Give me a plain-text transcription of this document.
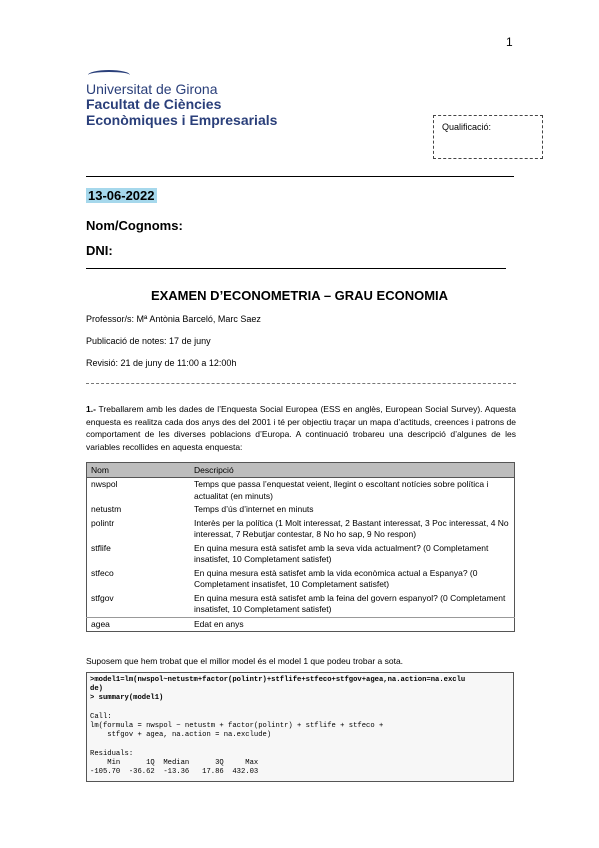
1
Universitat de Girona
Facultat de Ciències
Econòmiques i Empresarials	Qualificació:
13-06-2022
Nom/Cognoms:
DNI:
EXAMEN D’ECONOMETRIA – GRAU ECONOMIA
Professor/s: Mª Antònia Barceló, Marc Saez
Publicació de notes: 17 de juny
Revisió: 21 de juny de 11:00 a 12:00h
1.- Treballarem amb les dades de l’Enquesta Social Europea (ESS en anglès, European Social Survey). Aquesta enquesta es realitza cada dos anys des del 2001 i té per objectiu traçar un mapa d’actituds, creences i patrons de comportament de les diverses poblacions d’Europa. A continuació trobareu una descripció d’algunes de les variables recollides en aquesta enquesta:
Nom	Descripció
nwspol	Temps que passa l’enquestat veient, llegint o escoltant notícies sobre política i actualitat (en minuts)
netustm	Temps d’ús d’internet en minuts
polintr	Interès per la política (1 Molt interessat, 2 Bastant interessat, 3 Poc interessat, 4 No interessat, 7 Rebutjar contestar, 8 No ho sap, 9 No respon)
stflife	En quina mesura està satisfet amb la seva vida actualment? (0 Completament insatisfet, 10 Completament satisfet)
stfeco	En quina mesura està satisfet amb la vida econòmica actual a Espanya? (0 Completament insatisfet, 10 Completament satisfet)
stfgov	En quina mesura està satisfet amb la feina del govern espanyol? (0 Completament insatisfet, 10 Completament satisfet)
agea	Edat en anys
Suposem que hem trobat que el millor model és el model 1 que podeu trobar a sota.
>model1=lm(nwspol~netustm+factor(polintr)+stflife+stfeco+stfgov+agea,na.action=na.exclu
de)
> summary(model1)

Call:
lm(formula = nwspol ~ netustm + factor(polintr) + stflife + stfeco +
stfgov + agea, na.action = na.exclude)

Residuals:
Min      1Q  Median      3Q     Max
-105.70  -36.62  -13.36   17.86  432.03
